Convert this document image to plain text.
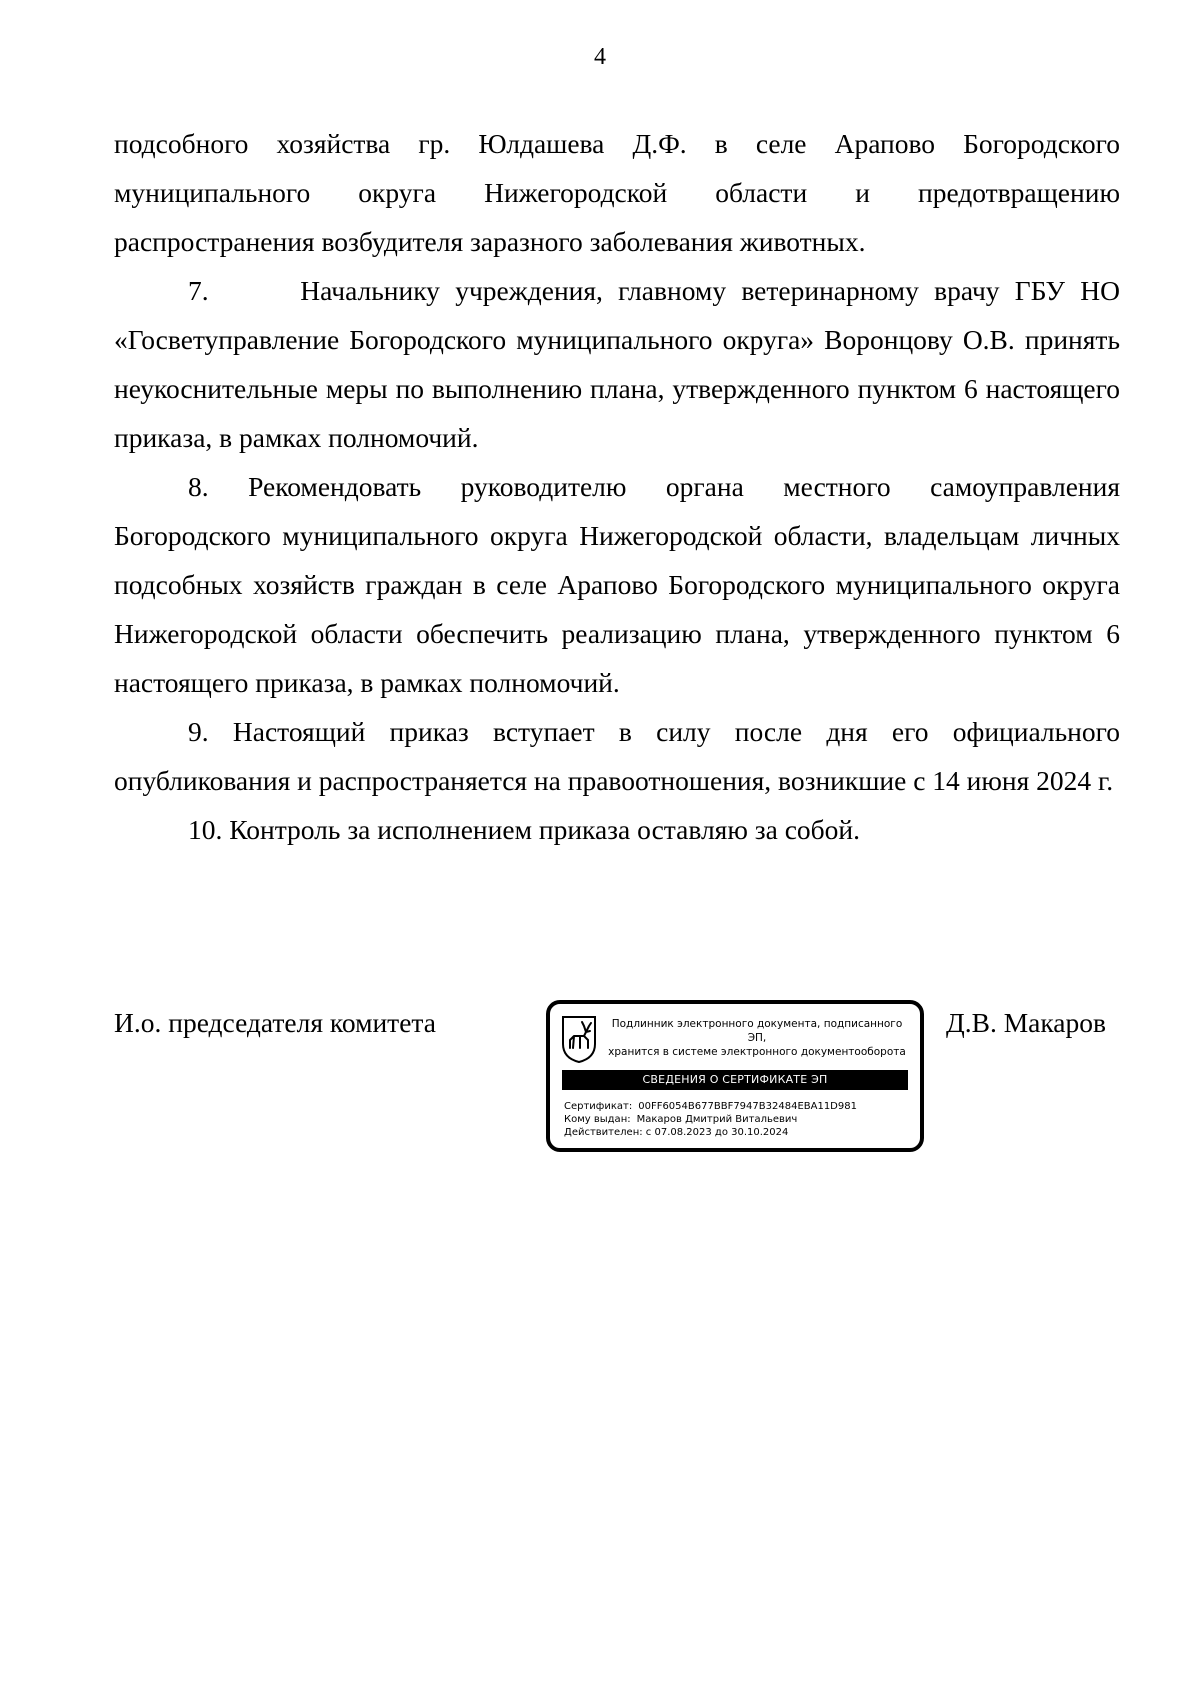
4

подсобного хозяйства гр. Юлдашева Д.Ф. в селе Арапово Богородского муниципального округа Нижегородской области и предотвращению распространения возбудителя заразного заболевания животных.

7.      Начальнику учреждения, главному ветеринарному врачу ГБУ НО «Госветуправление Богородского муниципального округа» Воронцову О.В. принять неукоснительные меры по выполнению плана, утвержденного пунктом 6 настоящего приказа, в рамках полномочий.

8. Рекомендовать руководителю органа местного самоуправления Богородского муниципального округа Нижегородской области, владельцам личных подсобных хозяйств граждан в селе Арапово Богородского муниципального округа Нижегородской области обеспечить реализацию плана, утвержденного пунктом 6 настоящего приказа, в рамках полномочий.

9. Настоящий приказ вступает в силу после дня его официального опубликования и распространяется на правоотношения, возникшие с 14 июня 2024 г.

10. Контроль за исполнением приказа оставляю за собой.

И.о. председателя комитета	Подлинник электронного документа, подписанного ЭП,
хранится в системе электронного документооборота
СВЕДЕНИЯ О СЕРТИФИКАТЕ ЭП
Сертификат: 00FF6054B677BBF7947B32484EBA11D981
Кому выдан: Макаров Дмитрий Витальевич
Действителен: с 07.08.2023 до 30.10.2024
Д.В. Макаров
